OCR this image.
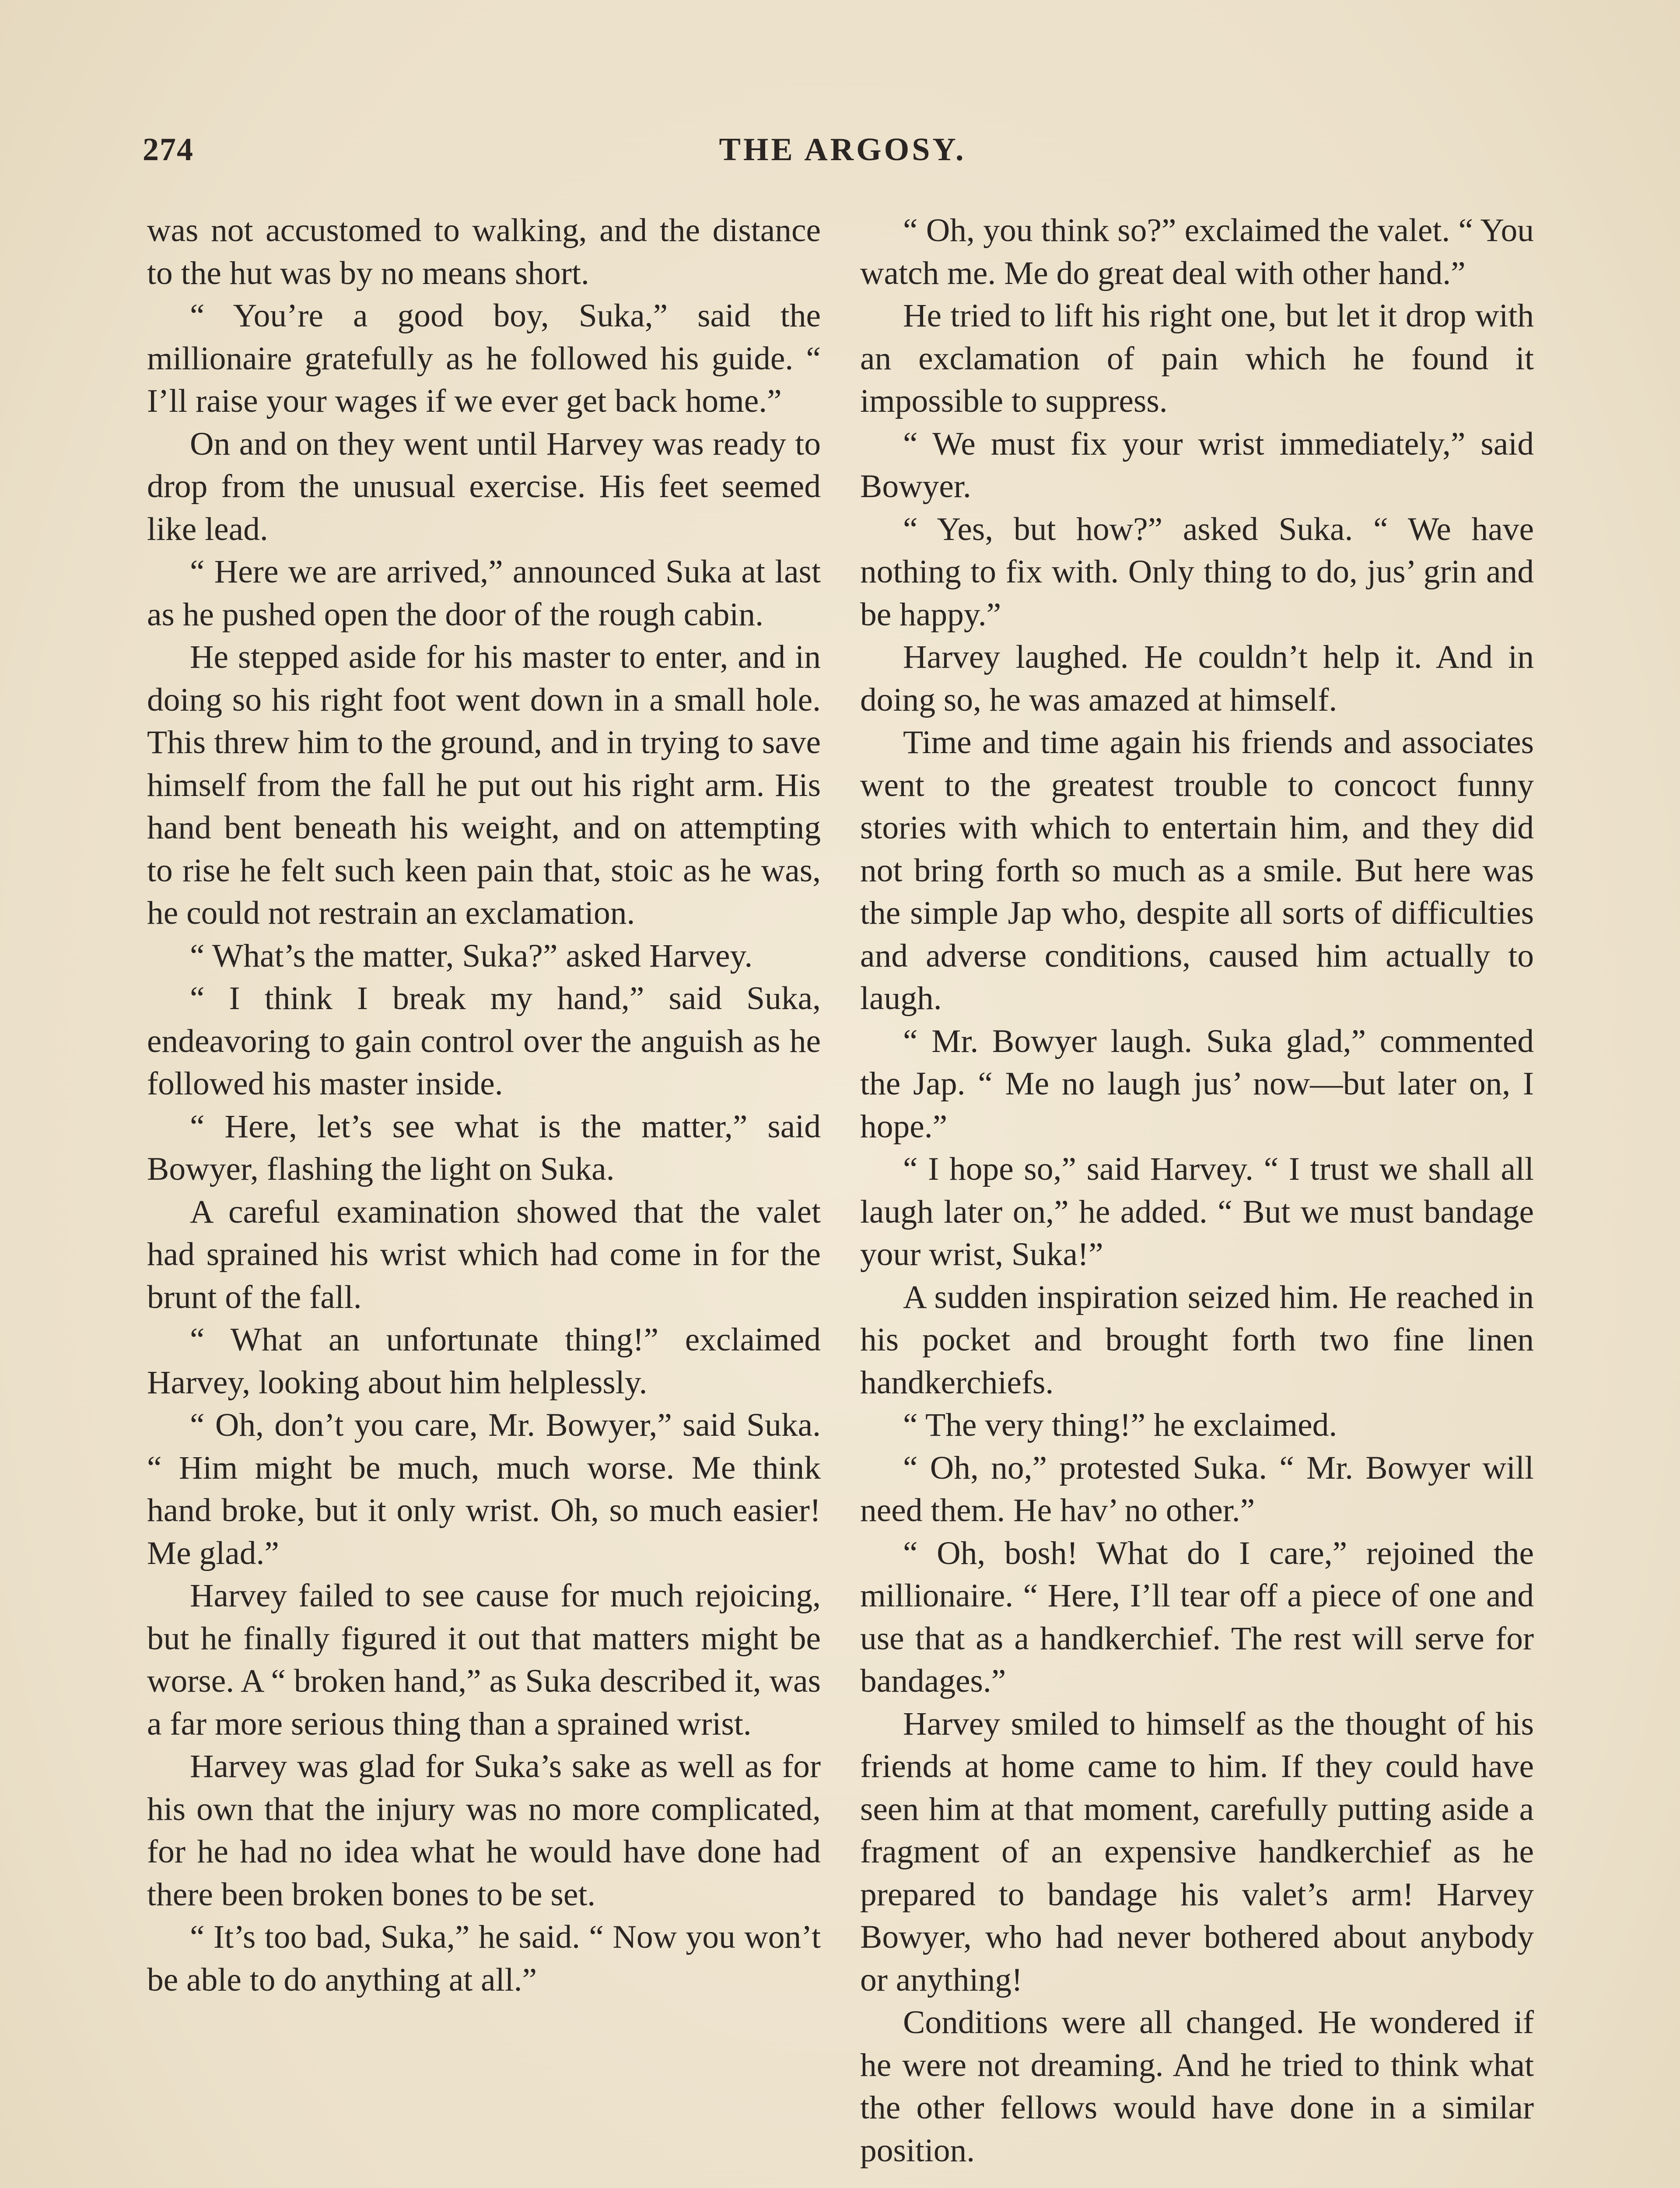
274	THE ARGOSY.

was not accustomed to walking, and the distance to the hut was by no means short.

“ You’re a good boy, Suka,” said the millionaire gratefully as he followed his guide. “ I’ll raise your wages if we ever get back home.”

On and on they went until Harvey was ready to drop from the unusual exercise. His feet seemed like lead.

“ Here we are arrived,” announced Suka at last as he pushed open the door of the rough cabin.

He stepped aside for his master to enter, and in doing so his right foot went down in a small hole. This threw him to the ground, and in trying to save himself from the fall he put out his right arm. His hand bent beneath his weight, and on attempting to rise he felt such keen pain that, stoic as he was, he could not restrain an exclamation.

“ What’s the matter, Suka?” asked Harvey.

“ I think I break my hand,” said Suka, endeavoring to gain control over the anguish as he followed his master inside.

“ Here, let’s see what is the matter,” said Bowyer, flashing the light on Suka.

A careful examination showed that the valet had sprained his wrist which had come in for the brunt of the fall.

“ What an unfortunate thing!” exclaimed Harvey, looking about him helplessly.

“ Oh, don’t you care, Mr. Bowyer,” said Suka. “ Him might be much, much worse. Me think hand broke, but it only wrist. Oh, so much easier! Me glad.”

Harvey failed to see cause for much rejoicing, but he finally figured it out that matters might be worse. A “ broken hand,” as Suka described it, was a far more serious thing than a sprained wrist.

Harvey was glad for Suka’s sake as well as for his own that the injury was no more complicated, for he had no idea what he would have done had there been broken bones to be set.

“ It’s too bad, Suka,” he said. “ Now you won’t be able to do anything at all.”

“ Oh, you think so?” exclaimed the valet. “ You watch me. Me do great deal with other hand.”

He tried to lift his right one, but let it drop with an exclamation of pain which he found it impossible to suppress.

“ We must fix your wrist immediately,” said Bowyer.

“ Yes, but how?” asked Suka. “ We have nothing to fix with. Only thing to do, jus’ grin and be happy.”

Harvey laughed. He couldn’t help it. And in doing so, he was amazed at himself.

Time and time again his friends and associates went to the greatest trouble to concoct funny stories with which to entertain him, and they did not bring forth so much as a smile. But here was the simple Jap who, despite all sorts of difficulties and adverse conditions, caused him actually to laugh.

“ Mr. Bowyer laugh. Suka glad,” commented the Jap. “ Me no laugh jus’ now—but later on, I hope.”

“ I hope so,” said Harvey. “ I trust we shall all laugh later on,” he added. “ But we must bandage your wrist, Suka!”

A sudden inspiration seized him. He reached in his pocket and brought forth two fine linen handkerchiefs.

“ The very thing!” he exclaimed.

“ Oh, no,” protested Suka. “ Mr. Bowyer will need them. He hav’ no other.”

“ Oh, bosh! What do I care,” rejoined the millionaire. “ Here, I’ll tear off a piece of one and use that as a handkerchief. The rest will serve for bandages.”

Harvey smiled to himself as the thought of his friends at home came to him. If they could have seen him at that moment, carefully putting aside a fragment of an expensive handkerchief as he prepared to bandage his valet’s arm! Harvey Bowyer, who had never bothered about anybody or anything!

Conditions were all changed. He wondered if he were not dreaming. And he tried to think what the other fellows would have done in a similar position.
